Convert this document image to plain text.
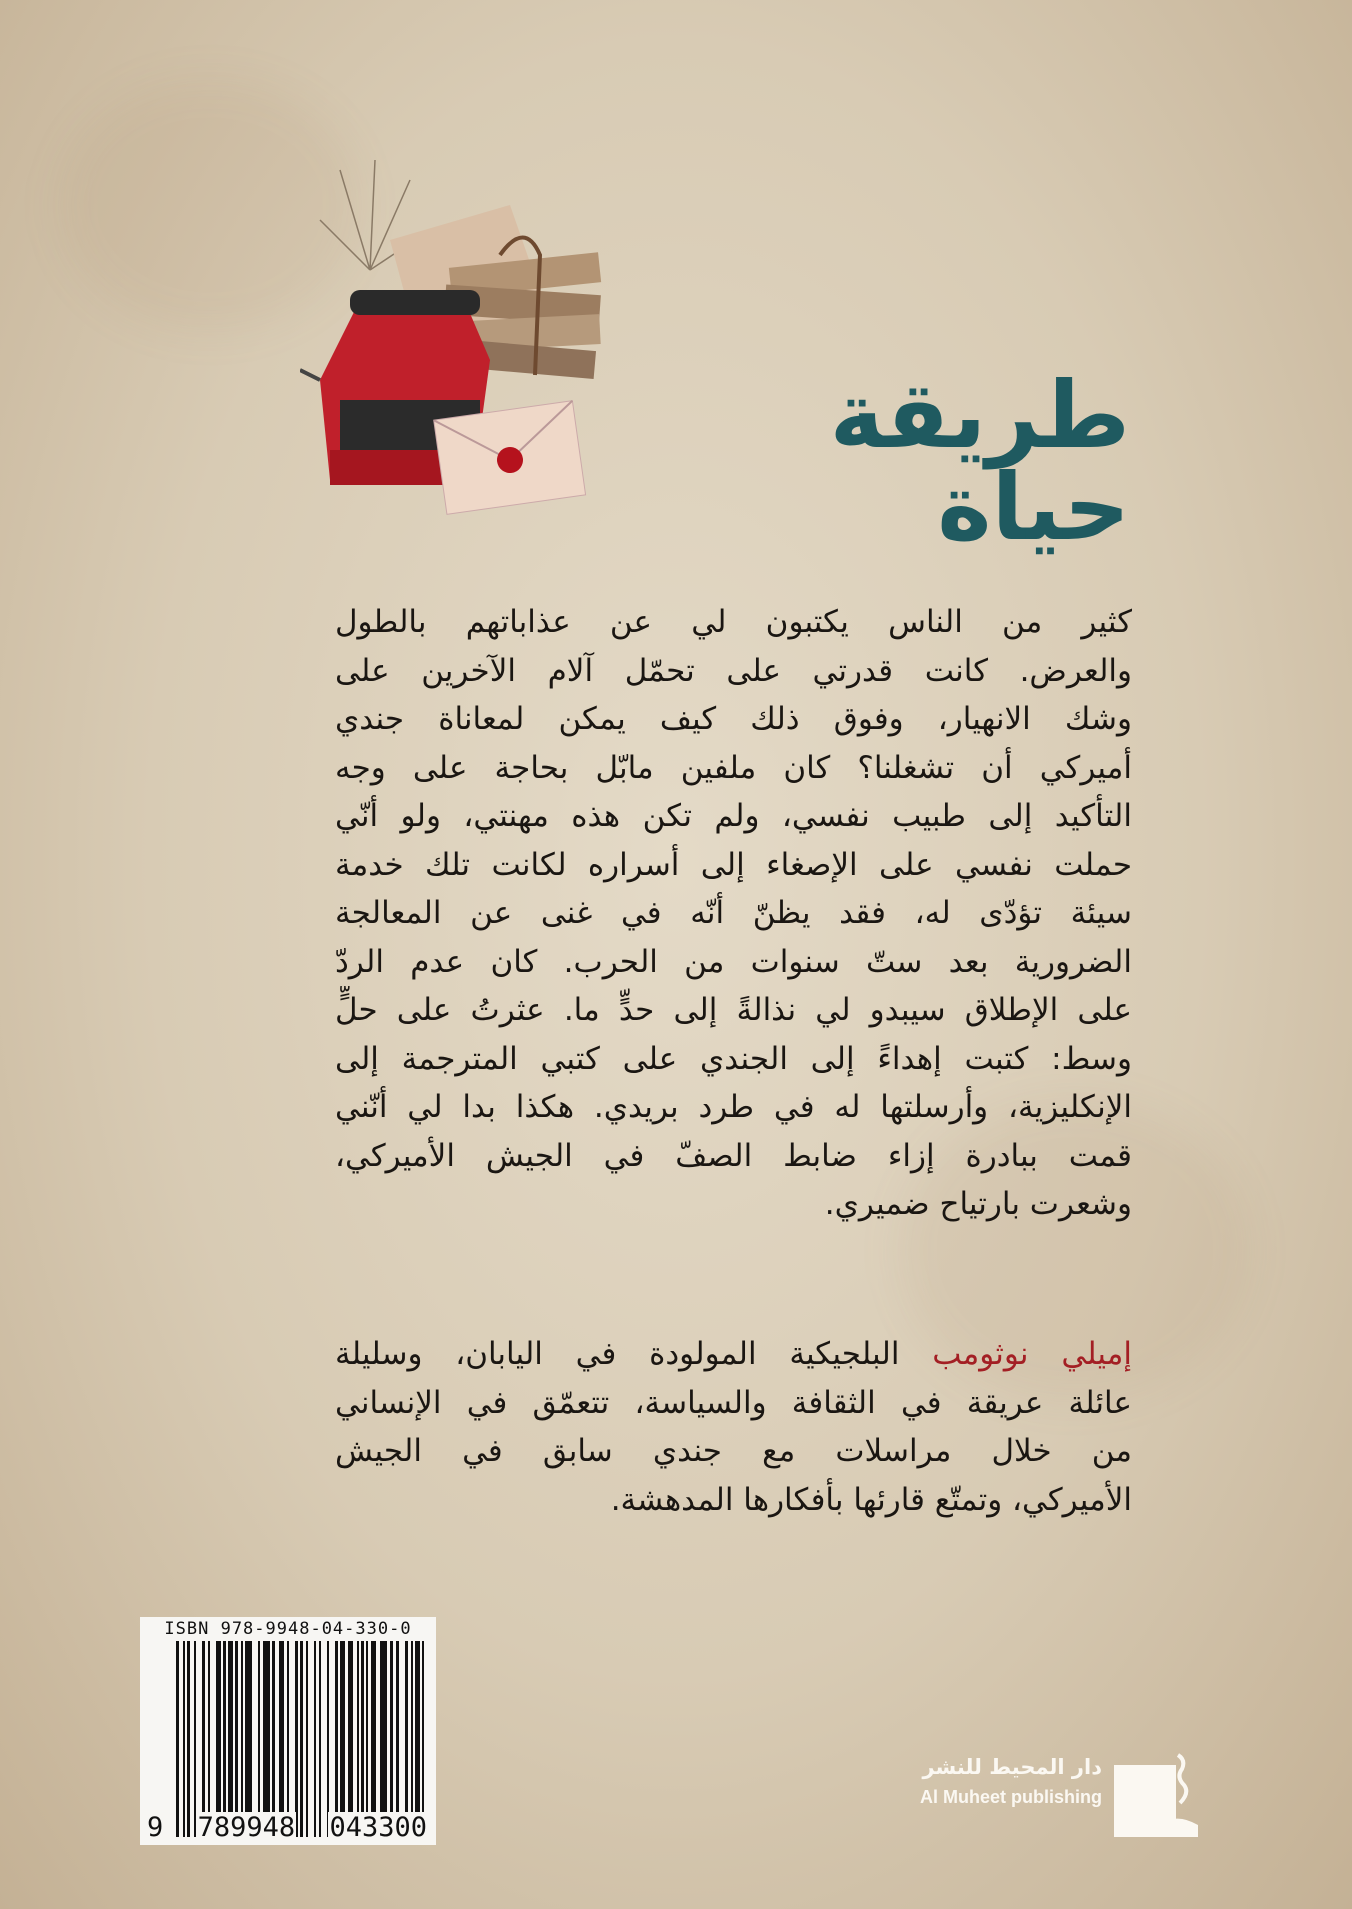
طريقة حياة
كثير من الناس يكتبون لي عن عذاباتهم بالطول
والعرض. كانت قدرتي على تحمّل آلام الآخرين على
وشك الانهيار، وفوق ذلك كيف يمكن لمعاناة جندي
أميركي أن تشغلنا؟ كان ملفين مابّل بحاجة على وجه
التأكيد إلى طبيب نفسي، ولم تكن هذه مهنتي، ولو أنّي
حملت نفسي على الإصغاء إلى أسراره لكانت تلك خدمة
سيئة تؤدّى له، فقد يظنّ أنّه في غنى عن المعالجة
الضرورية بعد ستّ سنوات من الحرب. كان عدم الردّ
على الإطلاق سيبدو لي نذالةً إلى حدٍّ ما. عثرتُ على حلٍّ
وسط: كتبت إهداءً إلى الجندي على كتبي المترجمة إلى
الإنكليزية، وأرسلتها له في طرد بريدي. هكذا بدا لي أنّني
قمت ببادرة إزاء ضابط الصفّ في الجيش الأميركي،
وشعرت بارتياح ضميري.
إميلي نوثومب البلجيكية المولودة في اليابان، وسليلة
عائلة عريقة في الثقافة والسياسة، تتعمّق في الإنساني
من خلال مراسلات مع جندي سابق في الجيش
الأميركي، وتمتّع قارئها بأفكارها المدهشة.
ISBN 978-9948-04-330-0
9 789948 043300
دار المحيط للنشر
Al Muheet publishing
